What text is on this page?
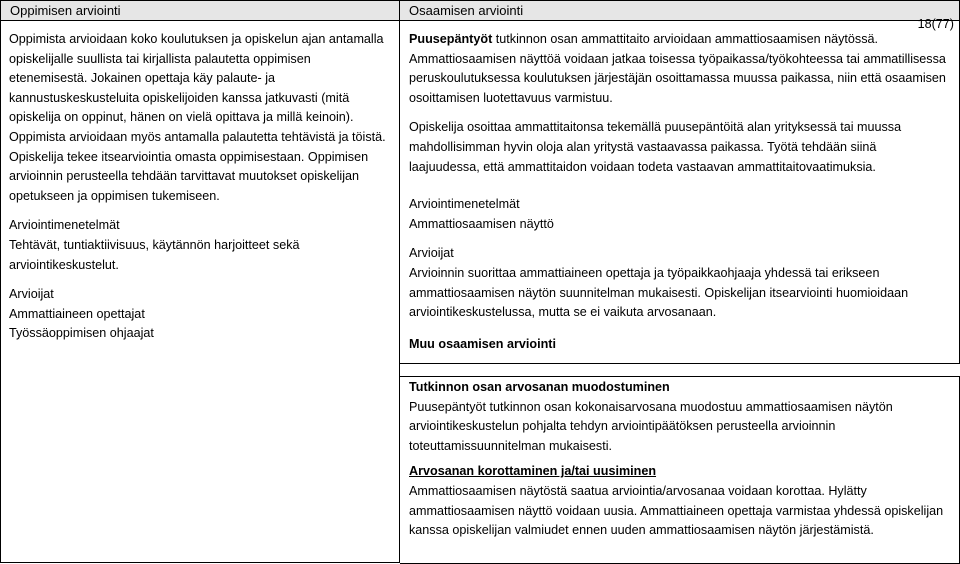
Oppimisen arviointi

Oppimista arvioidaan koko koulutuksen ja opiskelun ajan antamalla opiskelijalle suullista tai kirjallista palautetta oppimisen etenemisestä. Jokainen opettaja käy palaute- ja kannustuskeskusteluita opiskelijoiden kanssa jatkuvasti (mitä opiskelija on oppinut, hänen on vielä opittava ja millä keinoin). Oppimista arvioidaan myös antamalla palautetta tehtävistä ja töistä. Opiskelija tekee itsearviointia omasta oppimisestaan. Oppimisen arvioinnin perusteella tehdään tarvittavat muutokset opiskelijan opetukseen ja oppimisen tukemiseen.

Arviointimenetelmät

Tehtävät, tuntiaktiivisuus, käytännön harjoitteet sekä arviointikeskustelut.

Arvioijat

Ammattiaineen opettajat

Työssäoppimisen ohjaajat

Osaamisen arviointi
18(77)

Puusepäntyöt tutkinnon osan ammattitaito arvioidaan ammattiosaamisen näytössä. Ammattiosaamisen näyttöä voidaan jatkaa toisessa työpaikassa/työkohteessa tai ammatillisessa peruskoulutuksessa koulutuksen järjestäjän osoittamassa muussa paikassa, niin että osaamisen osoittamisen luotettavuus varmistuu.

Opiskelija osoittaa ammattitaitonsa tekemällä puusepäntöitä alan yrityksessä tai muussa mahdollisimman hyvin oloja alan yritystä vastaavassa paikassa. Työtä tehdään siinä laajuudessa, että ammattitaidon voidaan todeta vastaavan ammattitaitovaatimuksia.

Arviointimenetelmät

Ammattiosaamisen näyttö

Arvioijat

Arvioinnin suorittaa ammattiaineen opettaja ja työpaikkaohjaaja yhdessä tai erikseen ammattiosaamisen näytön suunnitelman mukaisesti. Opiskelijan itsearviointi huomioidaan arviointikeskustelussa, mutta se ei vaikuta arvosanaan.

Muu osaamisen arviointi

Tutkinnon osan arvosanan muodostuminen

Puusepäntyöt tutkinnon osan kokonaisarvosana muodostuu ammattiosaamisen näytön arviointikeskustelun pohjalta tehdyn arviointipäätöksen perusteella arvioinnin toteuttamissuunnitelman mukaisesti.

Arvosanan korottaminen ja/tai uusiminen

Ammattiosaamisen näytöstä saatua arviointia/arvosanaa voidaan korottaa. Hylätty ammattiosaamisen näyttö voidaan uusia. Ammattiaineen opettaja varmistaa yhdessä opiskelijan kanssa opiskelijan valmiudet ennen uuden ammattiosaamisen näytön järjestämistä.
